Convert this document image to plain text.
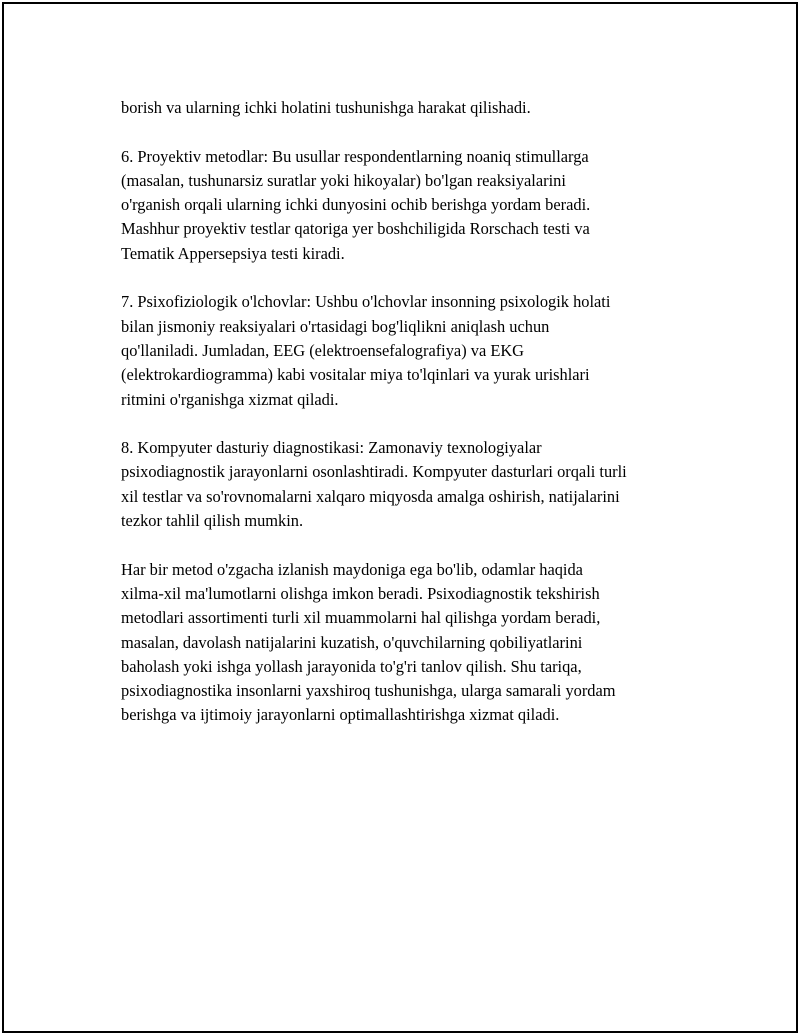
borish va ularning ichki holatini tushunishga harakat qilishadi.

6. Proyektiv metodlar: Bu usullar respondentlarning noaniq stimullarga
(masalan, tushunarsiz suratlar yoki hikoyalar) bo'lgan reaksiyalarini
o'rganish orqali ularning ichki dunyosini ochib berishga yordam beradi.
Mashhur proyektiv testlar qatoriga yer boshchiligida Rorschach testi va
Tematik Appersepsiya testi kiradi.

7. Psixofiziologik o'lchovlar: Ushbu o'lchovlar insonning psixologik holati
bilan jismoniy reaksiyalari o'rtasidagi bog'liqlikni aniqlash uchun
qo'llaniladi. Jumladan, EEG (elektroensefalografiya) va EKG
(elektrokardiogramma) kabi vositalar miya to'lqinlari va yurak urishlari
ritmini o'rganishga xizmat qiladi.

8. Kompyuter dasturiy diagnostikasi: Zamonaviy texnologiyalar
psixodiagnostik jarayonlarni osonlashtiradi. Kompyuter dasturlari orqali turli
xil testlar va so'rovnomalarni xalqaro miqyosda amalga oshirish, natijalarini
tezkor tahlil qilish mumkin.

Har bir metod o'zgacha izlanish maydoniga ega bo'lib, odamlar haqida
xilma-xil ma'lumotlarni olishga imkon beradi. Psixodiagnostik tekshirish
metodlari assortimenti turli xil muammolarni hal qilishga yordam beradi,
masalan, davolash natijalarini kuzatish, o'quvchilarning qobiliyatlarini
baholash yoki ishga yollash jarayonida to'g'ri tanlov qilish. Shu tariqa,
psixodiagnostika insonlarni yaxshiroq tushunishga, ularga samarali yordam
berishga va ijtimoiy jarayonlarni optimallashtirishga xizmat qiladi.
